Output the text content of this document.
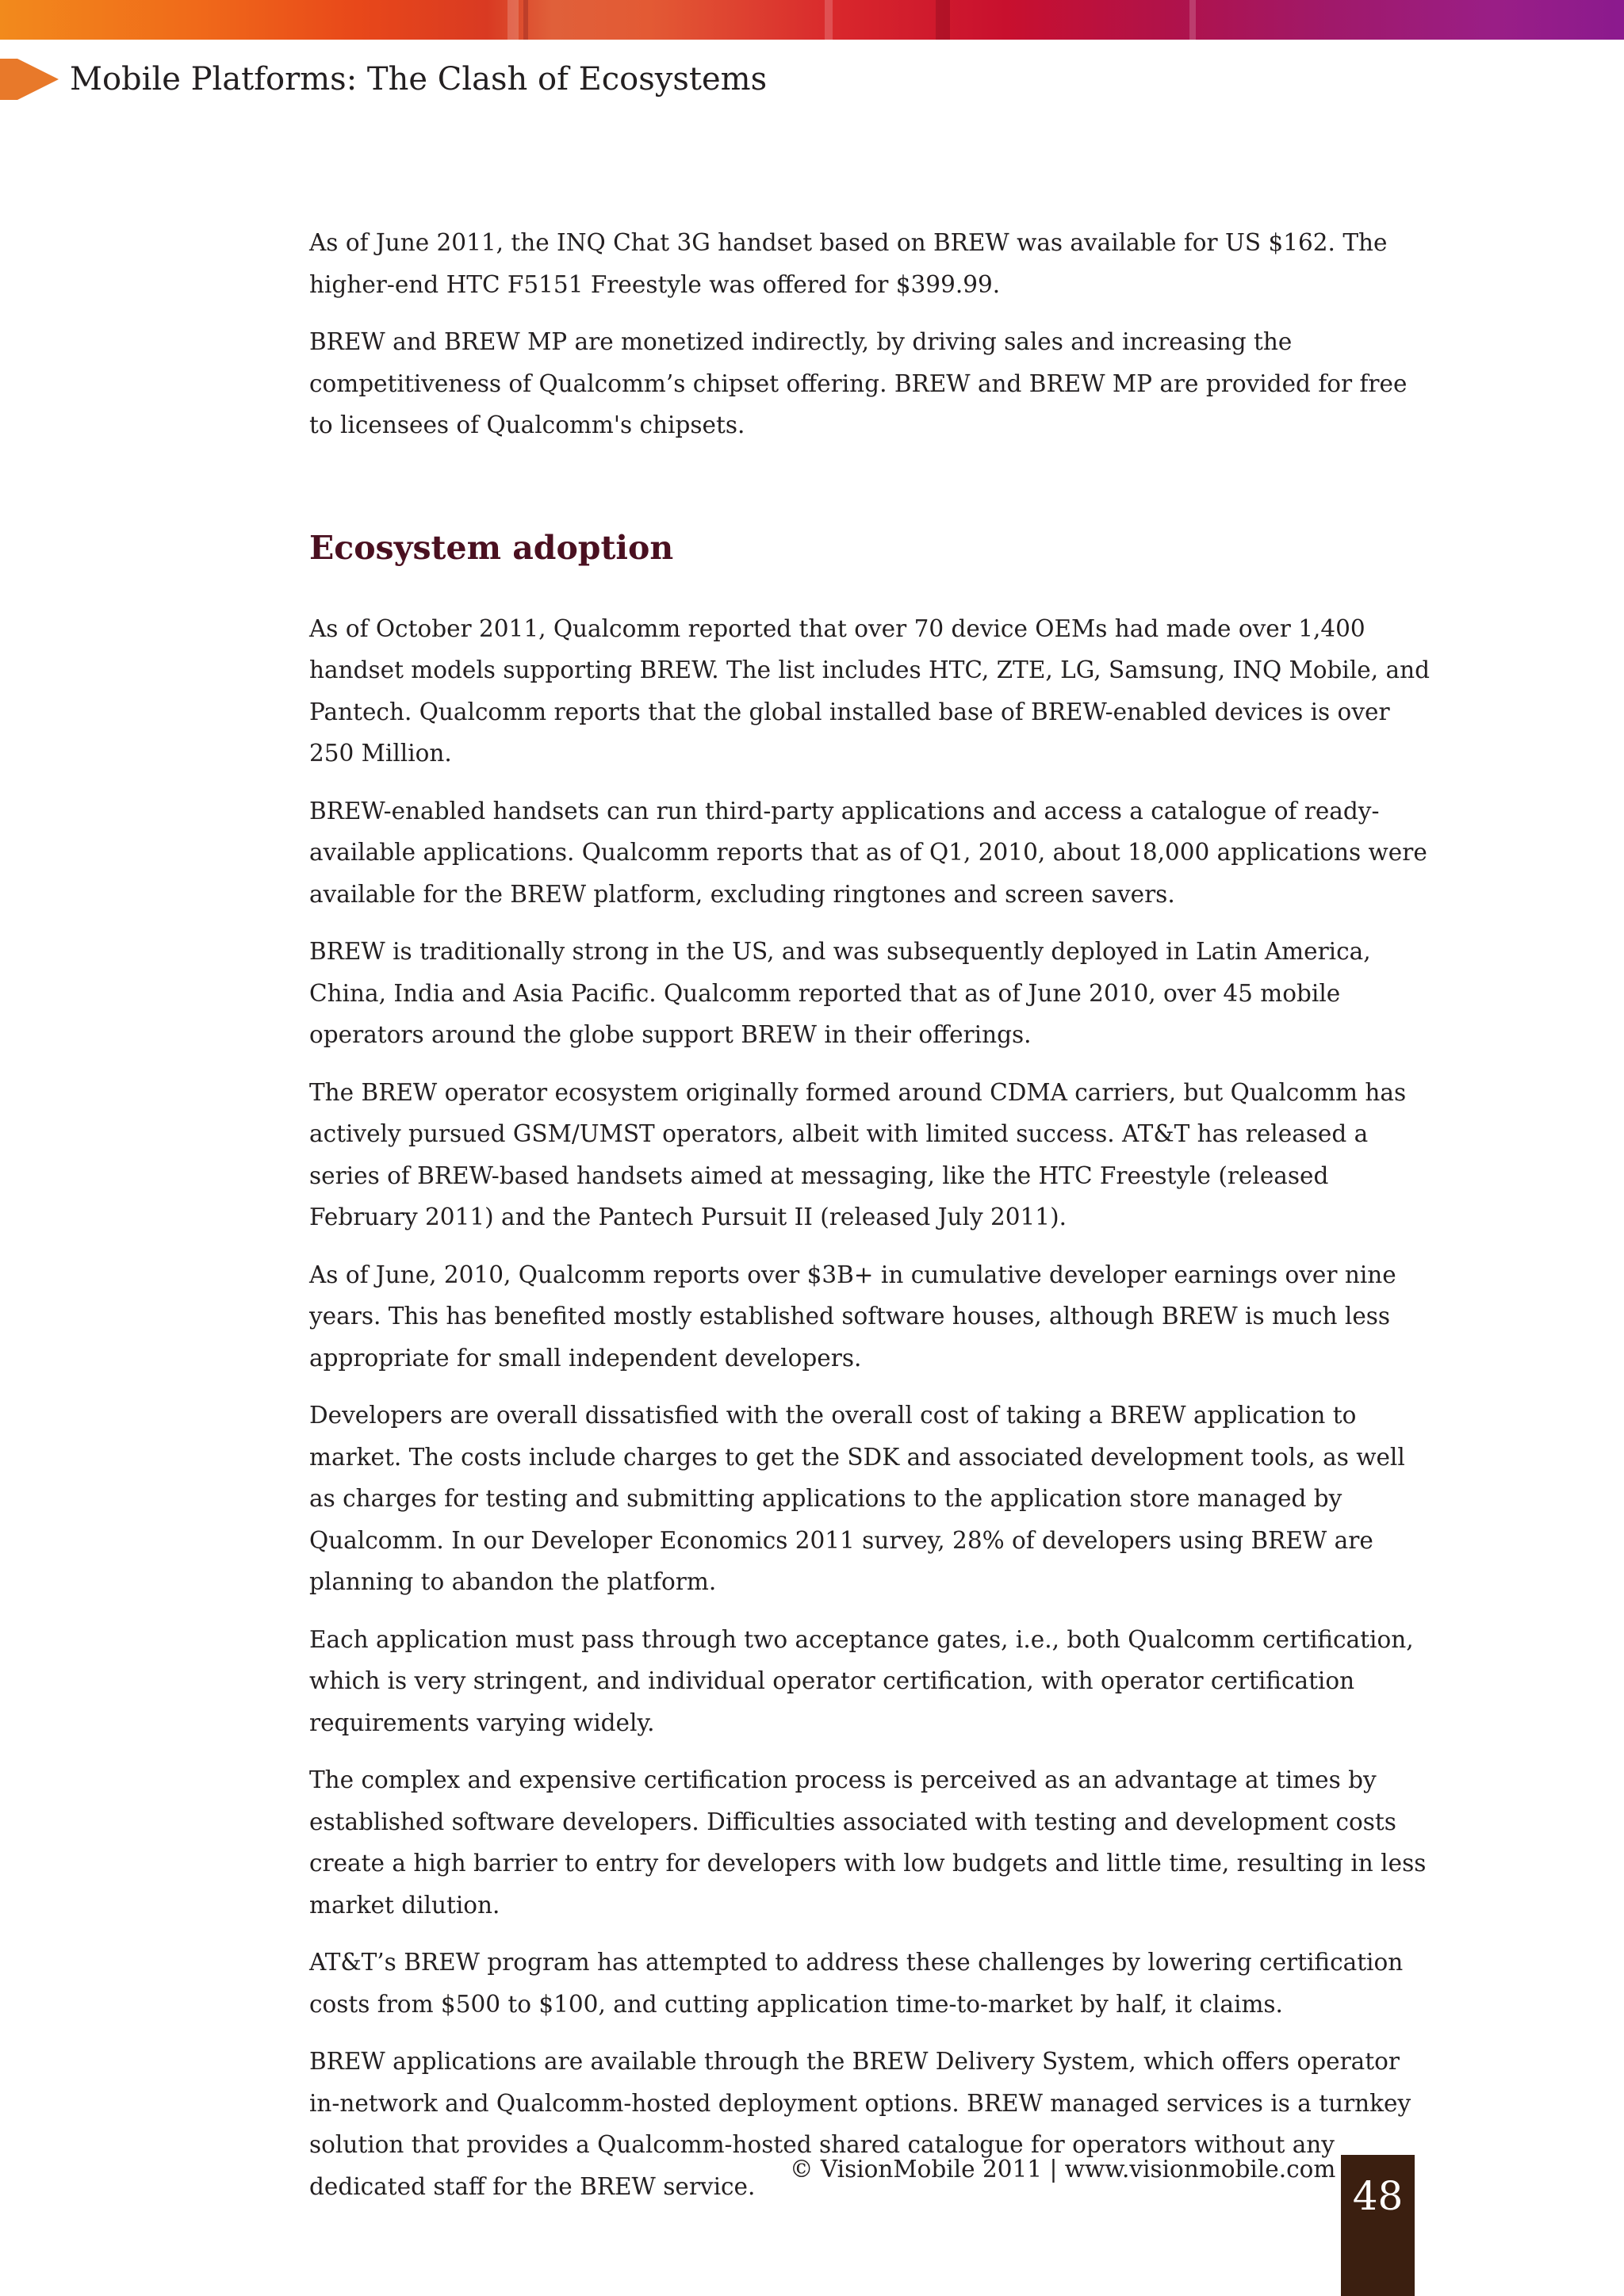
Mobile Platforms: The Clash of Ecosystems

As of June 2011, the INQ Chat 3G handset based on BREW was available for US $162. The higher-end HTC F5151 Freestyle was offered for $399.99.

BREW and BREW MP are monetized indirectly, by driving sales and increasing the competitiveness of Qualcomm’s chipset offering. BREW and BREW MP are provided for free to licensees of Qualcomm's chipsets.

Ecosystem adoption

As of October 2011, Qualcomm reported that over 70 device OEMs had made over 1,400 handset models supporting BREW. The list includes HTC, ZTE, LG, Samsung, INQ Mobile, and Pantech. Qualcomm reports that the global installed base of BREW-enabled devices is over 250 Million.

BREW-enabled handsets can run third-party applications and access a catalogue of ready-available applications. Qualcomm reports that as of Q1, 2010, about 18,000 applications were available for the BREW platform, excluding ringtones and screen savers.

BREW is traditionally strong in the US, and was subsequently deployed in Latin America, China, India and Asia Pacific. Qualcomm reported that as of June 2010, over 45 mobile operators around the globe support BREW in their offerings.

The BREW operator ecosystem originally formed around CDMA carriers, but Qualcomm has actively pursued GSM/UMST operators, albeit with limited success. AT&T has released a series of BREW-based handsets aimed at messaging, like the HTC Freestyle (released February 2011) and the Pantech Pursuit II (released July 2011).

As of June, 2010, Qualcomm reports over $3B+ in cumulative developer earnings over nine years. This has benefited mostly established software houses, although BREW is much less appropriate for small independent developers.

Developers are overall dissatisfied with the overall cost of taking a BREW application to market. The costs include charges to get the SDK and associated development tools, as well as charges for testing and submitting applications to the application store managed by Qualcomm. In our Developer Economics 2011 survey, 28% of developers using BREW are planning to abandon the platform.

Each application must pass through two acceptance gates, i.e., both Qualcomm certification, which is very stringent, and individual operator certification, with operator certification requirements varying widely.

The complex and expensive certification process is perceived as an advantage at times by established software developers. Difficulties associated with testing and development costs create a high barrier to entry for developers with low budgets and little time, resulting in less market dilution.

AT&T’s BREW program has attempted to address these challenges by lowering certification costs from $500 to $100, and cutting application time-to-market by half, it claims.

BREW applications are available through the BREW Delivery System, which offers operator in-network and Qualcomm-hosted deployment options. BREW managed services is a turnkey solution that provides a Qualcomm-hosted shared catalogue for operators without any dedicated staff for the BREW service.

© VisionMobile 2011 | www.visionmobile.com
48
